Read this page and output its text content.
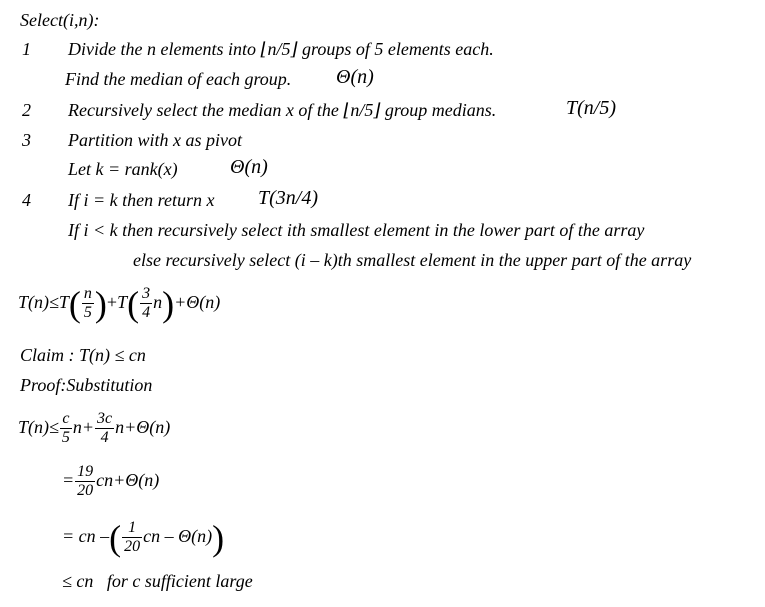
Select(i,n):
1 Divide the n elements into ⌊n/5⌋ groups of 5 elements each.
Find the median of each group. Θ(n)
2 Recursively select the median x of the ⌊n/5⌋ group medians.	T(n/5)
3 Partition with x as pivot
Let k = rank(x)	Θ(n)
4 If i = k then return x T(3n/4)
If i < k then recursively select ith smallest element in the lower part of the array
else recursively select (i – k)th smallest element in the upper part of the array
$T(n)\le T( \frac{n}{5} )+T( \frac{3}{4} n)+\Theta(n)$
Claim : T(n) ≤ cn
Proof:Substitution
$T(n)\le \frac{c}{5} n+ \frac{3c}{4} n+\Theta(n)$
= $\frac{19}{20} cn+\Theta(n)$
= cn –( $\frac{1}{20}$ cn – Θ(n))
≤ cn   for c sufficient large
